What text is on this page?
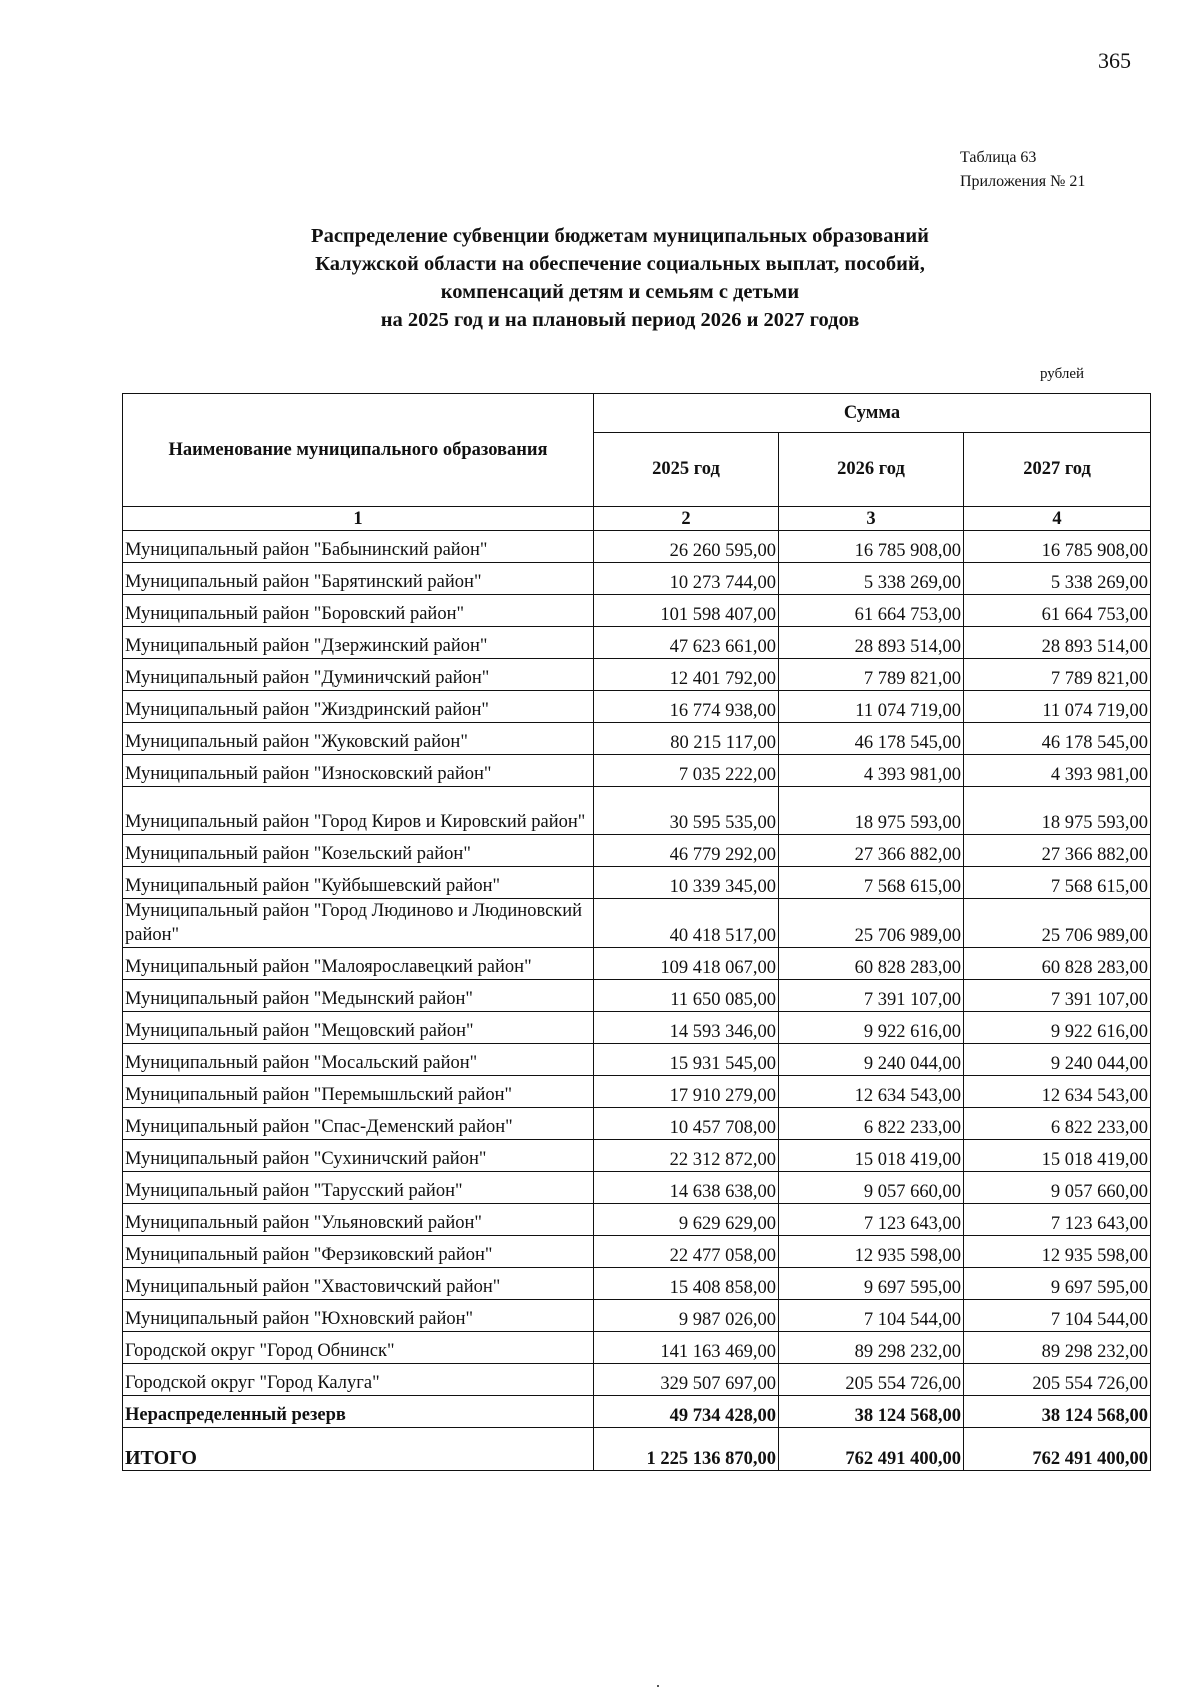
365
Таблица 63
Приложения № 21
Распределение субвенции бюджетам муниципальных образований
Калужской области на обеспечение социальных выплат, пособий,
компенсаций детям и семьям с детьми
на 2025 год и на плановый период 2026 и 2027 годов
рублей
Наименование муниципального образования	Сумма		
	2025 год	2026 год	2027 год
1	2	3	4
Муниципальный район "Бабынинский район"	26 260 595,00	16 785 908,00	16 785 908,00
Муниципальный район "Барятинский район"	10 273 744,00	5 338 269,00	5 338 269,00
Муниципальный район "Боровский район"	101 598 407,00	61 664 753,00	61 664 753,00
Муниципальный район "Дзержинский район"	47 623 661,00	28 893 514,00	28 893 514,00
Муниципальный район "Думиничский район"	12 401 792,00	7 789 821,00	7 789 821,00
Муниципальный район "Жиздринский район"	16 774 938,00	11 074 719,00	11 074 719,00
Муниципальный район "Жуковский район"	80 215 117,00	46 178 545,00	46 178 545,00
Муниципальный район "Износковский район"	7 035 222,00	4 393 981,00	4 393 981,00
Муниципальный район "Город Киров и Кировский район"	30 595 535,00	18 975 593,00	18 975 593,00
Муниципальный район "Козельский район"	46 779 292,00	27 366 882,00	27 366 882,00
Муниципальный район "Куйбышевский район"	10 339 345,00	7 568 615,00	7 568 615,00
Муниципальный район "Город Людиново и Людиновский район"	40 418 517,00	25 706 989,00	25 706 989,00
Муниципальный район "Малоярославецкий район"	109 418 067,00	60 828 283,00	60 828 283,00
Муниципальный район "Медынский район"	11 650 085,00	7 391 107,00	7 391 107,00
Муниципальный район "Мещовский район"	14 593 346,00	9 922 616,00	9 922 616,00
Муниципальный район "Мосальский район"	15 931 545,00	9 240 044,00	9 240 044,00
Муниципальный район "Перемышльский район"	17 910 279,00	12 634 543,00	12 634 543,00
Муниципальный район "Спас-Деменский район"	10 457 708,00	6 822 233,00	6 822 233,00
Муниципальный район "Сухиничский район"	22 312 872,00	15 018 419,00	15 018 419,00
Муниципальный район "Тарусский район"	14 638 638,00	9 057 660,00	9 057 660,00
Муниципальный район "Ульяновский район"	9 629 629,00	7 123 643,00	7 123 643,00
Муниципальный район "Ферзиковский район"	22 477 058,00	12 935 598,00	12 935 598,00
Муниципальный район "Хвастовичский район"	15 408 858,00	9 697 595,00	9 697 595,00
Муниципальный район "Юхновский район"	9 987 026,00	7 104 544,00	7 104 544,00
Городской округ "Город Обнинск"	141 163 469,00	89 298 232,00	89 298 232,00
Городской округ "Город Калуга"	329 507 697,00	205 554 726,00	205 554 726,00
Нераспределенный резерв	49 734 428,00	38 124 568,00	38 124 568,00
ИТОГО	1 225 136 870,00	762 491 400,00	762 491 400,00
